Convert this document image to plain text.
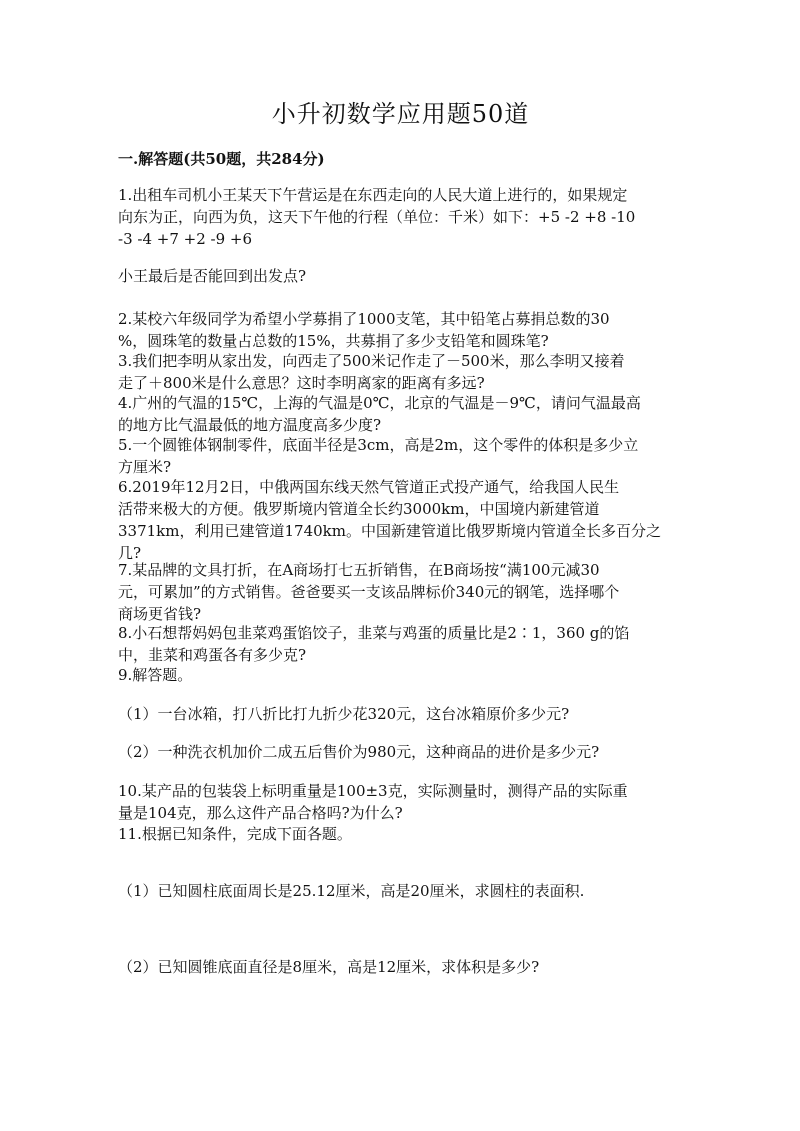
小升初数学应用题50道
一.解答题(共50题，共284分)
1.出租车司机小王某天下午营运是在东西走向的人民大道上进行的，如果规定
向东为正，向西为负，这天下午他的行程（单位：千米）如下：+5 -2 +8 -10
-3 -4 +7 +2 -9 +6
小王最后是否能回到出发点?
2.某校六年级同学为希望小学募捐了1000支笔，其中铅笔占募捐总数的30
%，圆珠笔的数量占总数的15%，共募捐了多少支铅笔和圆珠笔?
3.我们把李明从家出发，向西走了500米记作走了－500米，那么李明又接着
走了＋800米是什么意思？这时李明离家的距离有多远?
4.广州的气温的15℃，上海的气温是0℃，北京的气温是－9℃，请问气温最高
的地方比气温最低的地方温度高多少度?
5.一个圆锥体钢制零件，底面半径是3cm，高是2m，这个零件的体积是多少立
方厘米?
6.2019年12月2日，中俄两国东线天然气管道正式投产通气，给我国人民生
活带来极大的方便。俄罗斯境内管道全长约3000km，中国境内新建管道
3371km，利用已建管道1740km。中国新建管道比俄罗斯境内管道全长多百分之
几?
7.某品牌的文具打折，在A商场打七五折销售，在B商场按“满100元减30
元，可累加”的方式销售。爸爸要买一支该品牌标价340元的钢笔，选择哪个
商场更省钱?
8.小石想帮妈妈包韭菜鸡蛋馅饺子，韭菜与鸡蛋的质量比是2∶1，360 g的馅
中，韭菜和鸡蛋各有多少克?
9.解答题。
（1）一台冰箱，打八折比打九折少花320元，这台冰箱原价多少元?
（2）一种洗衣机加价二成五后售价为980元，这种商品的进价是多少元?
10.某产品的包装袋上标明重量是100±3克，实际测量时，测得产品的实际重
量是104克，那么这件产品合格吗?为什么?
11.根据已知条件，完成下面各题。
（1）已知圆柱底面周长是25.12厘米，高是20厘米，求圆柱的表面积.
（2）已知圆锥底面直径是8厘米，高是12厘米，求体积是多少?
